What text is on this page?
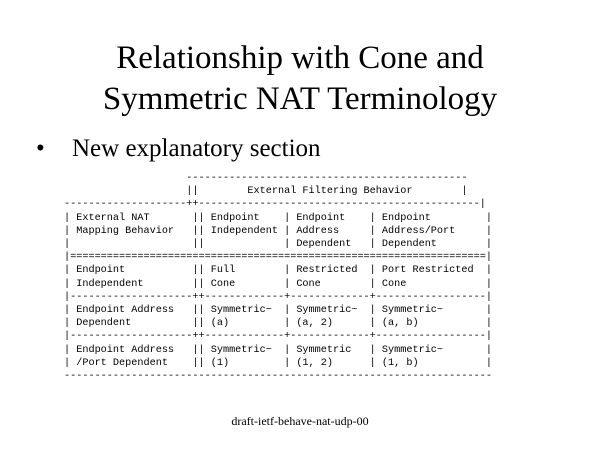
Relationship with Cone and
Symmetric NAT Terminology
• New explanatory section
----------------------------------------------
||        External Filtering Behavior        |
--------------------++----------------------------------------------|
| External NAT       || Endpoint    | Endpoint    | Endpoint         |
| Mapping Behavior   || Independent | Address     | Address/Port     |
|                    ||             | Dependent   | Dependent        |
|====================================================================|
| Endpoint           || Full        | Restricted  | Port Restricted  |
| Independent        || Cone        | Cone        | Cone             |
|--------------------++-------------+-------------+------------------|
| Endpoint Address   || Symmetric~  | Symmetric~  | Symmetric~       |
| Dependent          || (a)         | (a, 2)      | (a, b)           |
|--------------------++-------------+-------------+------------------|
| Endpoint Address   || Symmetric~  | Symmetric   | Symmetric~       |
| /Port Dependent    || (1)         | (1, 2)      | (1, b)           |
----------------------------------------------------------------------
draft-ietf-behave-nat-udp-00
